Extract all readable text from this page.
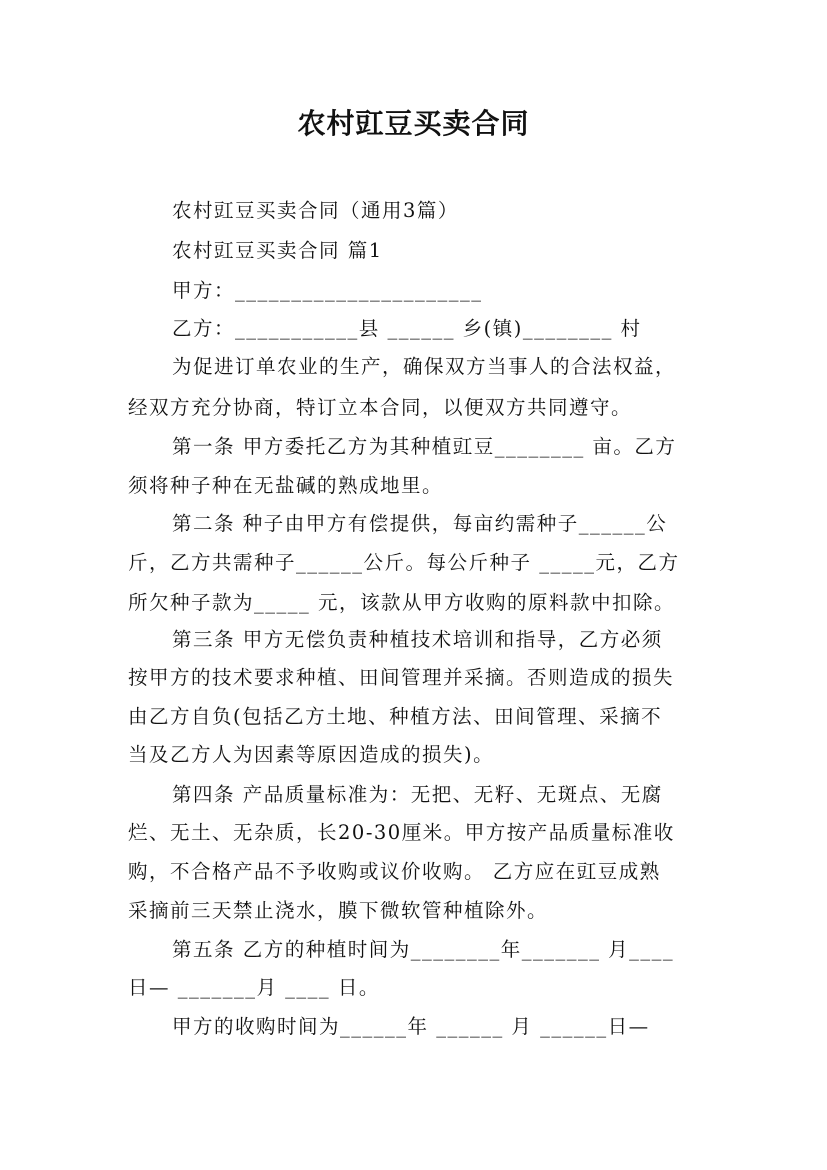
农村豇豆买卖合同
农村豇豆买卖合同（通用3篇）
农村豇豆买卖合同 篇1
甲方：______________________
乙方：___________县 ______ 乡(镇)________ 村
为促进订单农业的生产，确保双方当事人的合法权益，
经双方充分协商，特订立本合同，以便双方共同遵守。
第一条 甲方委托乙方为其种植豇豆________ 亩。乙方
须将种子种在无盐碱的熟成地里。
第二条 种子由甲方有偿提供，每亩约需种子______公
斤，乙方共需种子______公斤。每公斤种子 _____元，乙方
所欠种子款为_____ 元，该款从甲方收购的原料款中扣除。
第三条 甲方无偿负责种植技术培训和指导，乙方必须
按甲方的技术要求种植、田间管理并采摘。否则造成的损失
由乙方自负(包括乙方土地、种植方法、田间管理、采摘不
当及乙方人为因素等原因造成的损失)。
第四条 产品质量标准为：无把、无籽、无斑点、无腐
烂、无土、无杂质，长20-30厘米。甲方按产品质量标准收
购，不合格产品不予收购或议价收购。 乙方应在豇豆成熟
采摘前三天禁止浇水，膜下微软管种植除外。
第五条 乙方的种植时间为________年_______ 月____
日— _______月 ____ 日。
甲方的收购时间为______年 ______ 月 ______日—
